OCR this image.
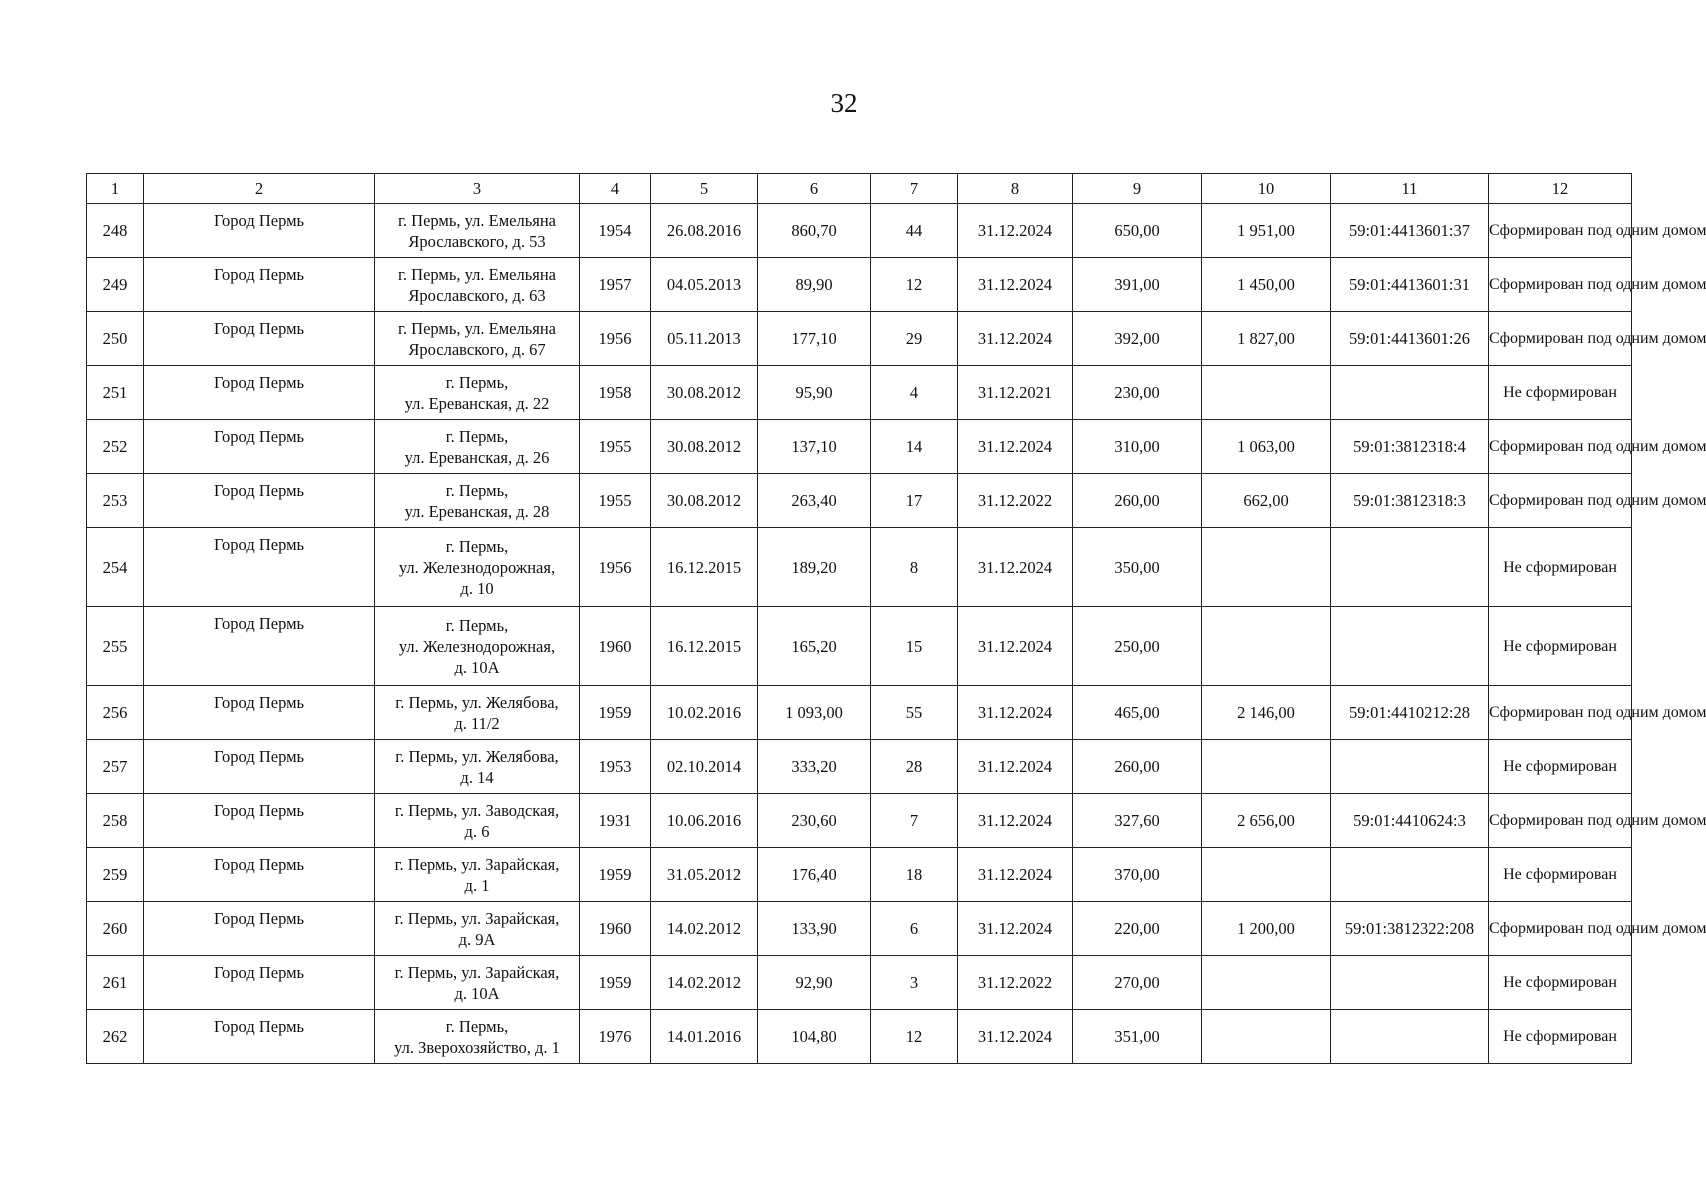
32
1	2	3	4	5	6	7	8	9	10	11	12
248	Город Пермь	г. Пермь, ул. Емельяна
Ярославского, д. 53	1954	26.08.2016	860,70	44	31.12.2024	650,00	1 951,00	59:01:4413601:37	Сформирован под одним домом
249	Город Пермь	г. Пермь, ул. Емельяна
Ярославского, д. 63	1957	04.05.2013	89,90	12	31.12.2024	391,00	1 450,00	59:01:4413601:31	Сформирован под одним домом
250	Город Пермь	г. Пермь, ул. Емельяна
Ярославского, д. 67	1956	05.11.2013	177,10	29	31.12.2024	392,00	1 827,00	59:01:4413601:26	Сформирован под одним домом
251	Город Пермь	г. Пермь,
ул. Ереванская, д. 22	1958	30.08.2012	95,90	4	31.12.2021	230,00			Не сформирован
252	Город Пермь	г. Пермь,
ул. Ереванская, д. 26	1955	30.08.2012	137,10	14	31.12.2024	310,00	1 063,00	59:01:3812318:4	Сформирован под одним домом
253	Город Пермь	г. Пермь,
ул. Ереванская, д. 28	1955	30.08.2012	263,40	17	31.12.2022	260,00	662,00	59:01:3812318:3	Сформирован под одним домом
254	Город Пермь	г. Пермь,
ул. Железнодорожная,
д. 10	1956	16.12.2015	189,20	8	31.12.2024	350,00			Не сформирован
255	Город Пермь	г. Пермь,
ул. Железнодорожная,
д. 10А	1960	16.12.2015	165,20	15	31.12.2024	250,00			Не сформирован
256	Город Пермь	г. Пермь, ул. Желябова,
д. 11/2	1959	10.02.2016	1 093,00	55	31.12.2024	465,00	2 146,00	59:01:4410212:28	Сформирован под одним домом
257	Город Пермь	г. Пермь, ул. Желябова,
д. 14	1953	02.10.2014	333,20	28	31.12.2024	260,00			Не сформирован
258	Город Пермь	г. Пермь, ул. Заводская,
д. 6	1931	10.06.2016	230,60	7	31.12.2024	327,60	2 656,00	59:01:4410624:3	Сформирован под одним домом
259	Город Пермь	г. Пермь, ул. Зарайская,
д. 1	1959	31.05.2012	176,40	18	31.12.2024	370,00			Не сформирован
260	Город Пермь	г. Пермь, ул. Зарайская,
д. 9А	1960	14.02.2012	133,90	6	31.12.2024	220,00	1 200,00	59:01:3812322:208	Сформирован под одним домом
261	Город Пермь	г. Пермь, ул. Зарайская,
д. 10А	1959	14.02.2012	92,90	3	31.12.2022	270,00			Не сформирован
262	Город Пермь	г. Пермь,
ул. Зверохозяйство, д. 1	1976	14.01.2016	104,80	12	31.12.2024	351,00			Не сформирован
